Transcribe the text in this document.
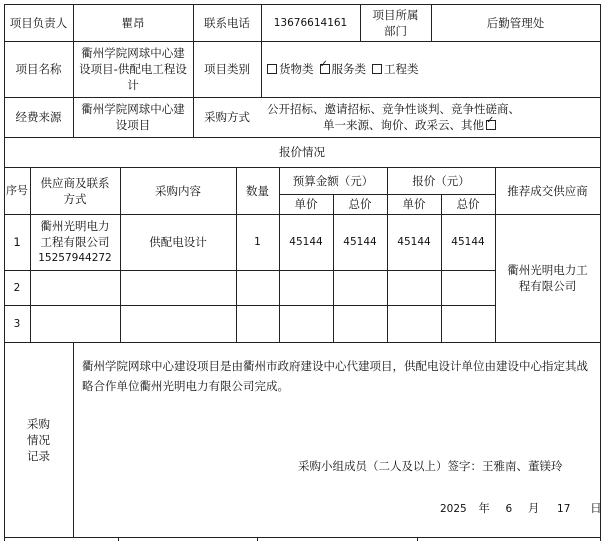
项目负责人	瞿昂	联系电话	13676614161
项目所属部门
后勤管理处
项目名称
衢州学院网球中心建设项目-供配电工程设计
项目类别	货物类
✓	服务类	工程类
经费来源
衢州学院网球中心建设项目
采购方式
公开招标、邀请招标、竞争性谈判、竞争性磋商、
单一来源、询价、政采云、其他✓
报价情况
序号
供应商及联系方式
采购内容	数量
预算金额（元）	报价（元）
单价	总价	单价	总价
推荐成交供应商
1
衢州光明电力工程有限公司
15257944272
供配电设计	1	45144	45144	45144	45144
2
3
衢州光明电力工程有限公司
采购情况记录
衢州学院网球中心建设项目是由衢州市政府建设中心代建项目，供配电设计单位由建设中心指定其战略合作单位衢州光明电力有限公司完成。
采购小组成员（二人及以上）签字：王雅南、董镁玲
2025 年 6 月 17 日
